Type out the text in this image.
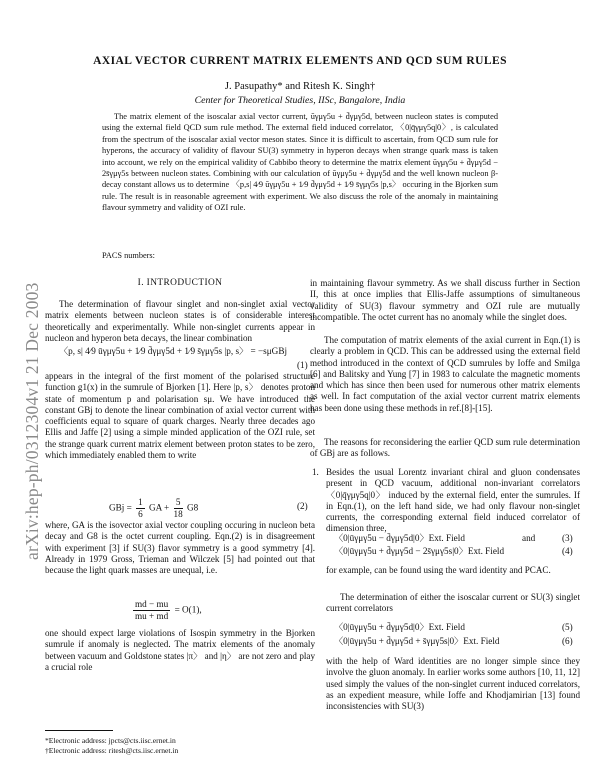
arXiv:hep-ph/0312304v1 21 Dec 2003
AXIAL VECTOR CURRENT MATRIX ELEMENTS AND QCD SUM RULES
J. Pasupathy* and Ritesh K. Singh†
Center for Theoretical Studies, IISc, Bangalore, India

The matrix element of the isoscalar axial vector current, ūγμγ5u + d̄γμγ5d, between nucleon states is computed using the external field QCD sum rule method. The external field induced correlator, 〈0|q̄γμγ5q|0〉, is calculated from the spectrum of the isoscalar axial vector meson states. Since it is difficult to ascertain, from QCD sum rule for hyperons, the accuracy of validity of flavour SU(3) symmetry in hyperon decays when strange quark mass is taken into account, we rely on the empirical validity of Cabbibo theory to determine the matrix element ūγμγ5u + d̄γμγ5d − 2s̄γμγ5s between nucleon states. Combining with our calculation of ūγμγ5u + d̄γμγ5d and the well known nucleon β-decay constant allows us to determine 〈p,s| 4⁄9 ūγμγ5u + 1⁄9 d̄γμγ5d + 1⁄9 s̄γμγ5s |p,s〉 occuring in the Bjorken sum rule. The result is in reasonable agreement with experiment. We also discuss the role of the anomaly in maintaining flavour symmetry and validity of OZI rule.

PACS numbers:
I. INTRODUCTION

The determination of flavour singlet and non-singlet axial vector matrix elements between nucleon states is of considerable interest theoretically and experimentally. While non-singlet currents appear in nucleon and hyperon beta decays, the linear combination

〈p, s| 4⁄9 ūγμγ5u + 1⁄9 d̄γμγ5d + 1⁄9 s̄γμγ5s |p, s〉 = −sμGBj
(1)

appears in the integral of the first moment of the polarised structure function g1(x) in the sumrule of Bjorken [1]. Here |p, s〉 denotes proton state of momentum p and polarisation sμ. We have introduced the constant GBj to denote the linear combination of axial vector current with coefficients equal to square of quark charges. Nearly three decades ago Ellis and Jaffe [2] using a simple minded application of the OZI rule, set the strange quark current matrix element between proton states to be zero, which immediately enabled them to write

GBj = $\frac{1}{6}$ GA + $\frac{5}{18} G8$	(2)

where, GA is the isovector axial vector coupling occuring in nucleon beta decay and G8 is the octet current coupling. Eqn.(2) is in disagreement with experiment [3] if SU(3) flavor symmetry is a good symmetry [4]. Already in 1979 Gross, Trieman and Wilczek [5] had pointed out that because the light quark masses are unequal, i.e.

$\frac{md - mu}{mu + md} = O(1)$,

one should expect large violations of Isospin symmetry in the Bjorken sumrule if anomaly is neglected. The matrix elements of the anomaly between vacuum and Goldstone states |π〉 and |η〉 are not zero and play a crucial role

in maintaining flavour symmetry. As we shall discuss further in Section II, this at once implies that Ellis-Jaffe assumptions of simultaneous validity of SU(3) flavour symmetry and OZI rule are mutually incompatible. The octet current has no anomaly while the singlet does.

The computation of matrix elements of the axial current in Eqn.(1) is clearly a problem in QCD. This can be addressed using the external field method introduced in the context of QCD sumrules by Ioffe and Smilga [6] and Balitsky and Yung [7] in 1983 to calculate the magnetic moments and which has since then been used for numerous other matrix elements as well. In fact computation of the axial vector current matrix elements has been done using these methods in ref.[8]-[15].

The reasons for reconsidering the earlier QCD sum rule determination of GBj are as follows.

1. Besides the usual Lorentz invariant chiral and gluon condensates present in QCD vacuum, additional non-invariant correlators 〈0|q̄γμγ5q|0〉 induced by the external field, enter the sumrules. If in Eqn.(1), on the left hand side, we had only flavour non-singlet currents, the corresponding external field induced correlator of dimension three,

〈0|ūγμγ5u − d̄γμγ5d|0〉Ext. Field	and	(3)
〈0|ūγμγ5u + d̄γμγ5d − 2s̄γμγ5s|0〉Ext. Field	(4)

for example, can be found using the ward identity and PCAC.

The determination of either the isoscalar current or SU(3) singlet current correlators

〈0|ūγμγ5u + d̄γμγ5d|0〉Ext. Field	(5)
〈0|ūγμγ5u + d̄γμγ5d + s̄γμγ5s|0〉Ext. Field	(6)

with the help of Ward identities are no longer simple since they involve the gluon anomaly. In earlier works some authors [10, 11, 12] used simply the values of the non-singlet current induced correlators, as an expedient measure, while Ioffe and Khodjamirian [13] found inconsistencies with SU(3)

*Electronic address: jpcts@cts.iisc.ernet.in
†Electronic address: ritesh@cts.iisc.ernet.in
